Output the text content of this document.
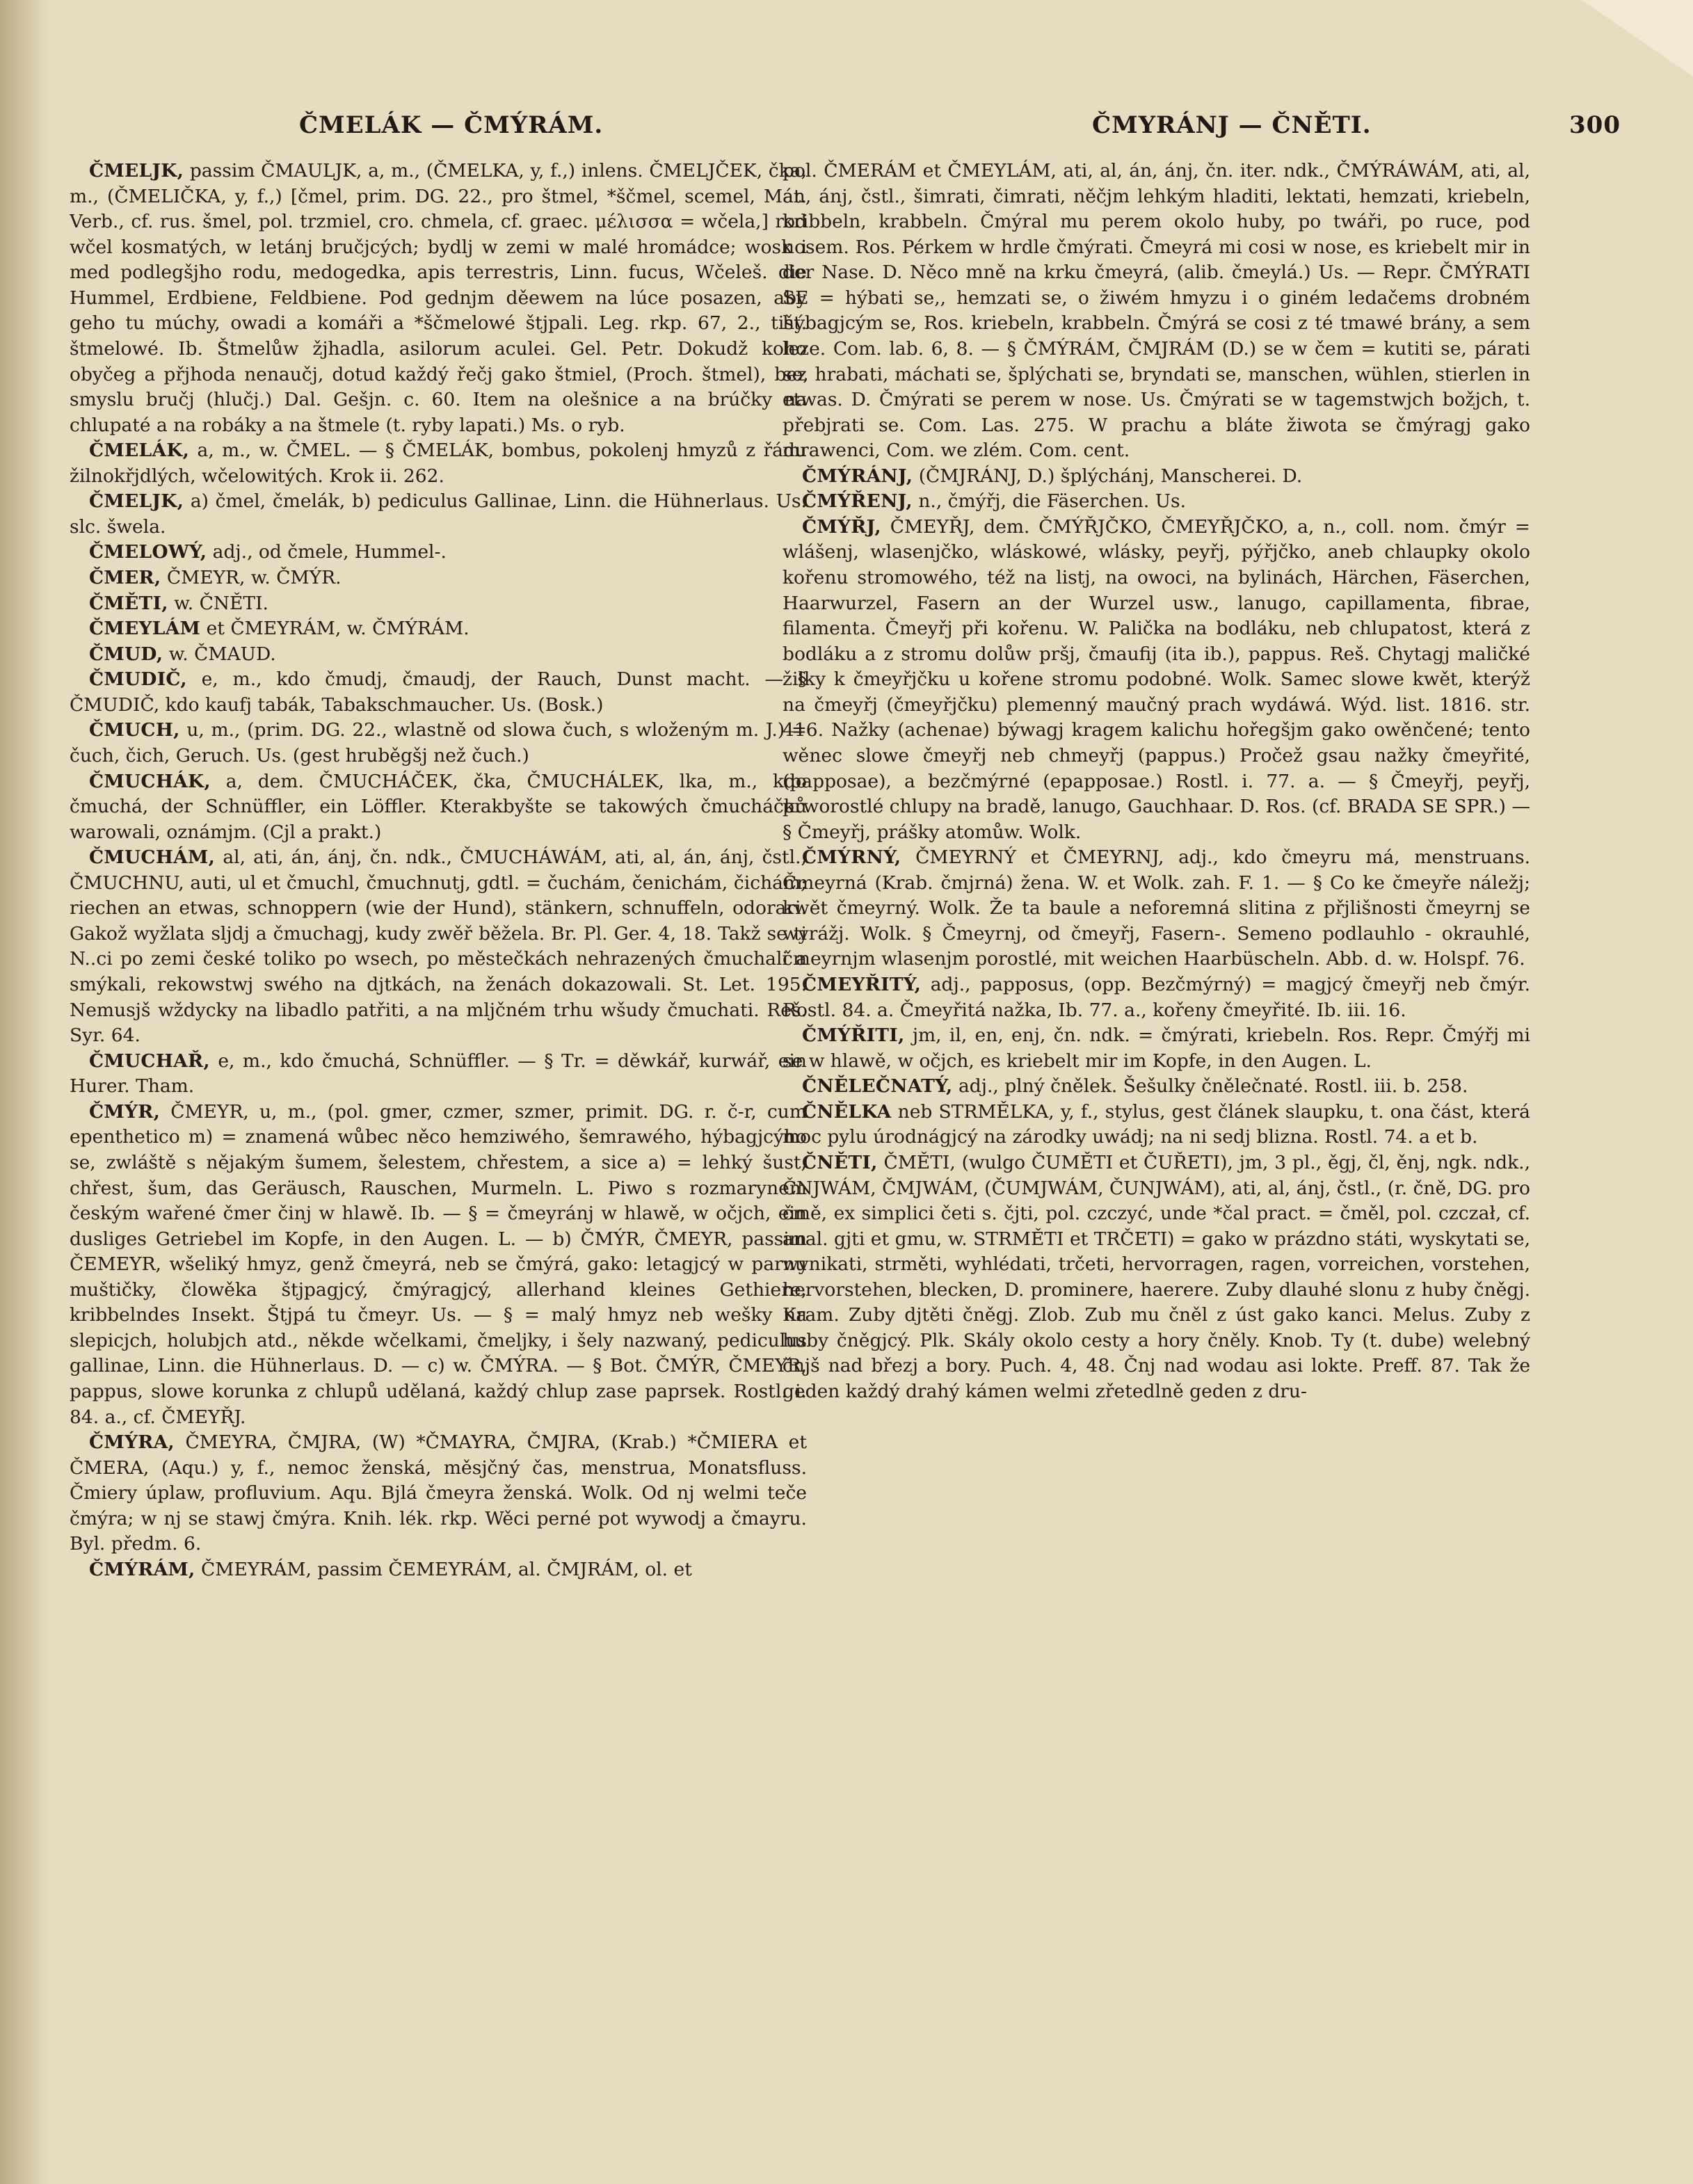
ČMELÁK — ČMÝRÁM.	ČMYRÁNJ — ČNĚTI.	300

ČMELJK, passim ČMAULJK, a, m., (ČMELKA, y, f.,) inlens. ČMELJČEK, čka, m., (ČMELIČKA, y, f.,) [čmel, prim. DG. 22., pro štmel, *ščmel, scemel, Mat. Verb., cf. rus. šmel, pol. trzmiel, cro. chmela, cf. graec. μέλισσα = wčela,] rod wčel kosmatých, w letánj bručjcých; bydlj w zemi w malé hromádce; wosk i med podlegšjho rodu, medogedka, apis terrestris, Linn. fucus, Wčeleš. die Hummel, Erdbiene, Feldbiene. Pod gednjm děewem na lúce posazen, aby geho tu múchy, owadi a komáři a *ščmelowé štjpali. Leg. rkp. 67, 2., tišt. štmelowé. Ib. Štmelůw žjhadla, asilorum aculei. Gel. Petr. Dokudž koho obyčeg a přjhoda nenaučj, dotud každý řečj gako štmiel, (Proch. štmel), bez smyslu bručj (hlučj.) Dal. Gešjn. c. 60. Item na olešnice a na brúčky na chlupaté a na robáky a na štmele (t. ryby lapati.) Ms. o ryb.

ČMELÁK, a, m., w. ČMEL. — § ČMELÁK, bombus, pokolenj hmyzů z řádu žilnokřjdlých, wčelowitých. Krok ii. 262.

ČMELJK, a) čmel, čmelák, b) pediculus Gallinae, Linn. die Hühnerlaus. Us. slc. šwela.

ČMELOWÝ, adj., od čmele, Hummel-.

ČMER, ČMEYR, w. ČMÝR.

ČMĚTI, w. ČNĚTI.

ČMEYLÁM et ČMEYRÁM, w. ČMÝRÁM.

ČMUD, w. ČMAUD.

ČMUDIČ, e, m., kdo čmudj, čmaudj, der Rauch, Dunst macht. — § ČMUDIČ, kdo kaufj tabák, Tabakschmaucher. Us. (Bosk.)

ČMUCH, u, m., (prim. DG. 22., wlastně od slowa čuch, s wloženým m. J.) = čuch, čich, Geruch. Us. (gest hruběgšj než čuch.)

ČMUCHÁK, a, dem. ČMUCHÁČEK, čka, ČMUCHÁLEK, lka, m., kdo čmuchá, der Schnüffler, ein Löffler. Kterakbyšte se takowých čmucháčků warowali, oznámjm. (Cjl a prakt.)

ČMUCHÁM, al, ati, án, ánj, čn. ndk., ČMUCHÁWÁM, ati, al, án, ánj, čstl., ČMUCHNU, auti, ul et čmuchl, čmuchnutj, gdtl. = čuchám, čenichám, čichám; riechen an etwas, schnoppern (wie der Hund), stänkern, schnuffeln, odorari. Gakož wyžlata sljdj a čmuchagj, kudy zwěř běžela. Br. Pl. Ger. 4, 18. Takž se ti N..ci po zemi české toliko po wsech, po městečkách nehrazených čmuchali a smýkali, rekowstwj swého na djtkách, na ženách dokazowali. St. Let. 195. Nemusjš wždycky na libadlo patřiti, a na mljčném trhu wšudy čmuchati. Reš. Syr. 64.

ČMUCHAŘ, e, m., kdo čmuchá, Schnüffler. — § Tr. = děwkář, kurwář, ein Hurer. Tham.

ČMÝR, ČMEYR, u, m., (pol. gmer, czmer, szmer, primit. DG. r. č-r, cum epenthetico m) = znamená wůbec něco hemziwého, šemrawého, hýbagjcýho se, zwláště s nějakým šumem, šelestem, chřestem, a sice a) = lehký šust, chřest, šum, das Geräusch, Rauschen, Murmeln. L. Piwo s rozmarynem českým wařené čmer činj w hlawě. Ib. — § = čmeyránj w hlawě, w očjch, ein dusliges Getriebel im Kopfe, in den Augen. L. — b) ČMÝR, ČMEYR, passim ČEMEYR, wšeliký hmyz, genž čmeyrá, neb se čmýrá, gako: letagjcý w parnu muštičky, člowěka štjpagjcý, čmýragjcý, allerhand kleines Gethiere, kribbelndes Insekt. Štjpá tu čmeyr. Us. — § = malý hmyz neb wešky na slepicjch, holubjch atd., někde wčelkami, čmeljky, i šely nazwaný, pediculus gallinae, Linn. die Hühnerlaus. D. — c) w. ČMÝRA. — § Bot. ČMÝR, ČMEYR, pappus, slowe korunka z chlupů udělaná, každý chlup zase paprsek. Rostl. i. 84. a., cf. ČMEYŘJ.

ČMÝRA, ČMEYRA, ČMJRA, (W) *ČMAYRA, ČMJRA, (Krab.) *ČMIERA et ČMERA, (Aqu.) y, f., nemoc ženská, měsjčný čas, menstrua, Monatsfluss. Čmiery úplaw, profluvium. Aqu. Bjlá čmeyra ženská. Wolk. Od nj welmi teče čmýra; w nj se stawj čmýra. Knih. lék. rkp. Wěci perné pot wywodj a čmayru. Byl. předm. 6.

ČMÝRÁM, ČMEYRÁM, passim ČEMEYRÁM, al. ČMJRÁM, ol. et

pol. ČMERÁM et ČMEYLÁM, ati, al, án, ánj, čn. iter. ndk., ČMÝRÁWÁM, ati, al, án, ánj, čstl., šimrati, čimrati, něčjm lehkým hladiti, lektati, hemzati, kriebeln, kribbeln, krabbeln. Čmýral mu perem okolo huby, po twáři, po ruce, pod nosem. Ros. Pérkem w hrdle čmýrati. Čmeyrá mi cosi w nose, es kriebelt mir in der Nase. D. Něco mně na krku čmeyrá, (alib. čmeylá.) Us. — Repr. ČMÝRATI SE = hýbati se,, hemzati se, o žiwém hmyzu i o giném ledačems drobném hýbagjcým se, Ros. kriebeln, krabbeln. Čmýrá se cosi z té tmawé brány, a sem leze. Com. lab. 6, 8. — § ČMÝRÁM, ČMJRÁM (D.) se w čem = kutiti se, párati se, hrabati, máchati se, šplýchati se, bryndati se, manschen, wühlen, stierlen in etwas. D. Čmýrati se perem w nose. Us. Čmýrati se w tagemstwjch božjch, t. přebjrati se. Com. Las. 275. W prachu a bláte žiwota se čmýragj gako mrawenci, Com. we zlém. Com. cent.

ČMÝRÁNJ, (ČMJRÁNJ, D.) šplýchánj, Manscherei. D.

ČMÝŘENJ, n., čmýřj, die Fäserchen. Us.

ČMÝŘJ, ČMEYŘJ, dem. ČMÝŘJČKO, ČMEYŘJČKO, a, n., coll. nom. čmýr = wlášenj, wlasenjčko, wláskowé, wlásky, peyřj, pýřjčko, aneb chlaupky okolo kořenu stromowého, též na listj, na owoci, na bylinách, Härchen, Fäserchen, Haarwurzel, Fasern an der Wurzel usw., lanugo, capillamenta, fibrae, filamenta. Čmeyřj při kořenu. W. Palička na bodláku, neb chlupatost, která z bodláku a z stromu dolůw pršj, čmaufij (ita ib.), pappus. Reš. Chytagj maličké žilky k čmeyřjčku u kořene stromu podobné. Wolk. Samec slowe kwět, kterýž na čmeyřj (čmeyřjčku) plemenný maučný prach wydáwá. Wýd. list. 1816. str. 416. Nažky (achenae) býwagj kragem kalichu hořegšjm gako owěnčené; tento wěnec slowe čmeyřj neb chmeyřj (pappus.) Pročež gsau nažky čmeyřité, (papposae), a bezčmýrné (epapposae.) Rostl. i. 77. a. — § Čmeyřj, peyřj, prworostlé chlupy na bradě, lanugo, Gauchhaar. D. Ros. (cf. BRADA SE SPR.) — § Čmeyřj, prášky atomůw. Wolk.

ČMÝRNÝ, ČMEYRNÝ et ČMEYRNJ, adj., kdo čmeyru má, menstruans. Čmeyrná (Krab. čmjrná) žena. W. et Wolk. zah. F. 1. — § Co ke čmeyře náležj; kwět čmeyrný. Wolk. Že ta baule a neforemná slitina z přjlišnosti čmeyrnj se wyrážj. Wolk. § Čmeyrnj, od čmeyřj, Fasern-. Semeno podlauhlo - okrauhlé, čmeyrnjm wlasenjm porostlé, mit weichen Haarbüscheln. Abb. d. w. Holspf. 76.

ČMEYŘITÝ, adj., papposus, (opp. Bezčmýrný) = magjcý čmeyřj neb čmýr. Rostl. 84. a. Čmeyřitá nažka, Ib. 77. a., kořeny čmeyřité. Ib. iii. 16.

ČMÝŘITI, jm, il, en, enj, čn. ndk. = čmýrati, kriebeln. Ros. Repr. Čmýřj mi se w hlawě, w očjch, es kriebelt mir im Kopfe, in den Augen. L.

ČNĚLEČNATÝ, adj., plný čnělek. Šešulky čnělečnaté. Rostl. iii. b. 258.

ČNĚLKA neb STRMĚLKA, y, f., stylus, gest článek slaupku, t. ona část, která moc pylu úrodnágjcý na zárodky uwádj; na ni sedj blizna. Rostl. 74. a et b.

ČNĚTI, ČMĚTI, (wulgo ČUMĚTI et ČUŘETI), jm, 3 pl., ěgj, čl, ěnj, ngk. ndk., ČNJWÁM, ČMJWÁM, (ČUMJWÁM, ČUNJWÁM), ati, al, ánj, čstl., (r. čně, DG. pro čmě, ex simplici četi s. čjti, pol. czczyć, unde *čal pract. = čměl, pol. czczał, cf. anal. gjti et gmu, w. STRMĚTI et TRČETI) = gako w prázdno státi, wyskytati se, wynikati, strměti, wyhlédati, trčeti, hervorragen, ragen, vorreichen, vorstehen, hervorstehen, blecken, D. prominere, haerere. Zuby dlauhé slonu z huby čněgj. Kram. Zuby djtěti čněgj. Zlob. Zub mu čněl z úst gako kanci. Melus. Zuby z huby čněgjcý. Plk. Skály okolo cesty a hory čněly. Knob. Ty (t. dube) welebný čnjš nad březj a bory. Puch. 4, 48. Čnj nad wodau asi lokte. Preff. 87. Tak že geden každý drahý kámen welmi zřetedlně geden z dru-
